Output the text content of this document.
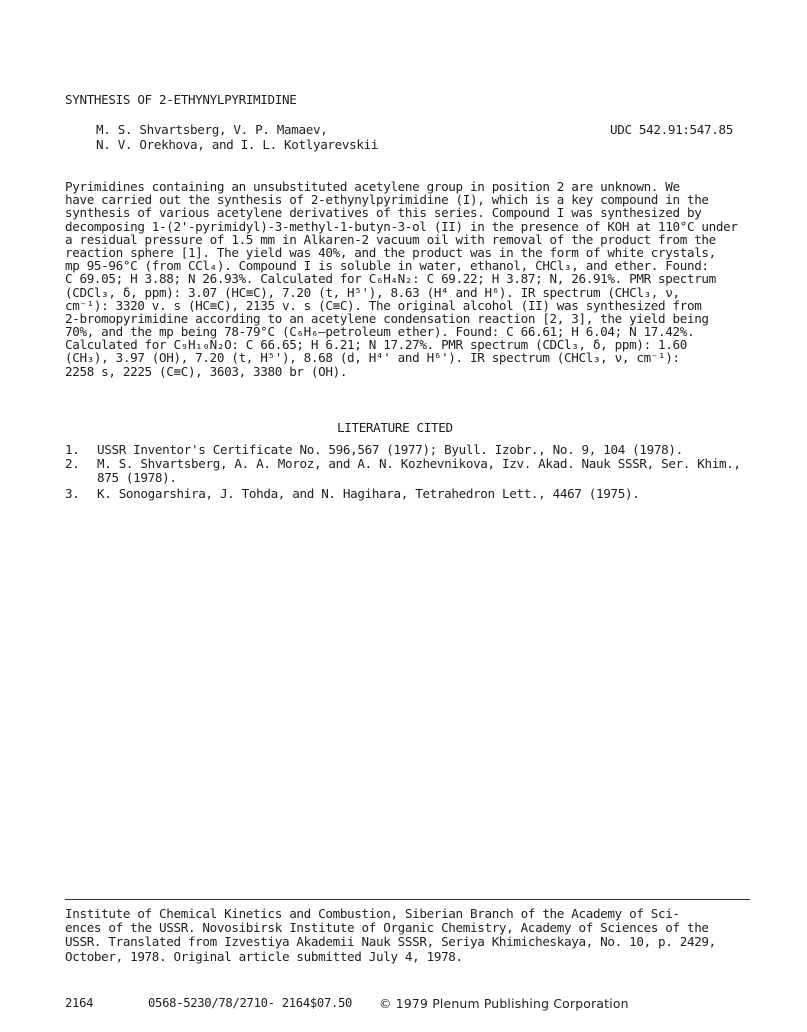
SYNTHESIS OF 2-ETHYNYLPYRIMIDINE
M. S. Shvartsberg, V. P. Mamaev,
N. V. Orekhova, and I. L. Kotlyarevskii
UDC 542.91:547.85
Pyrimidines containing an unsubstituted acetylene group in position 2 are unknown. We
have carried out the synthesis of 2-ethynylpyrimidine (I), which is a key compound in the
synthesis of various acetylene derivatives of this series. Compound I was synthesized by
decomposing 1-(2'-pyrimidyl)-3-methyl-1-butyn-3-ol (II) in the presence of KOH at 110°C under
a residual pressure of 1.5 mm in Alkaren-2 vacuum oil with removal of the product from the
reaction sphere [1]. The yield was 40%, and the product was in the form of white crystals,
mp 95-96°C (from CCl₄). Compound I is soluble in water, ethanol, CHCl₃, and ether. Found:
C 69.05; H 3.88; N 26.93%. Calculated for C₆H₄N₂: C 69.22; H 3.87; N, 26.91%. PMR spectrum
(CDCl₃, δ, ppm): 3.07 (HC≡C), 7.20 (t, H⁵'), 8.63 (H⁴ and H⁶). IR spectrum (CHCl₃, ν,
cm⁻¹): 3320 v. s (HC≡C), 2135 v. s (C≡C). The original alcohol (II) was synthesized from
2-bromopyrimidine according to an acetylene condensation reaction [2, 3], the yield being
70%, and the mp being 78-79°C (C₆H₆—petroleum ether). Found: C 66.61; H 6.04; N 17.42%.
Calculated for C₉H₁₀N₂O: C 66.65; H 6.21; N 17.27%. PMR spectrum (CDCl₃, δ, ppm): 1.60
(CH₃), 3.97 (OH), 7.20 (t, H⁵'), 8.68 (d, H⁴' and H⁶'). IR spectrum (CHCl₃, ν, cm⁻¹):
2258 s, 2225 (C≡C), 3603, 3380 br (OH).
LITERATURE CITED
1. USSR Inventor's Certificate No. 596,567 (1977); Byull. Izobr., No. 9, 104 (1978).
2. M. S. Shvartsberg, A. A. Moroz, and A. N. Kozhevnikova, Izv. Akad. Nauk SSSR, Ser. Khim.,
875 (1978).
3. K. Sonogarshira, J. Tohda, and N. Hagihara, Tetrahedron Lett., 4467 (1975).
Institute of Chemical Kinetics and Combustion, Siberian Branch of the Academy of Sci-
ences of the USSR. Novosibirsk Institute of Organic Chemistry, Academy of Sciences of the
USSR. Translated from Izvestiya Akademii Nauk SSSR, Seriya Khimicheskaya, No. 10, p. 2429,
October, 1978. Original article submitted July 4, 1978.
2164	0568-5230/78/2710- 2164$07.50 © 1979 Plenum Publishing Corporation
